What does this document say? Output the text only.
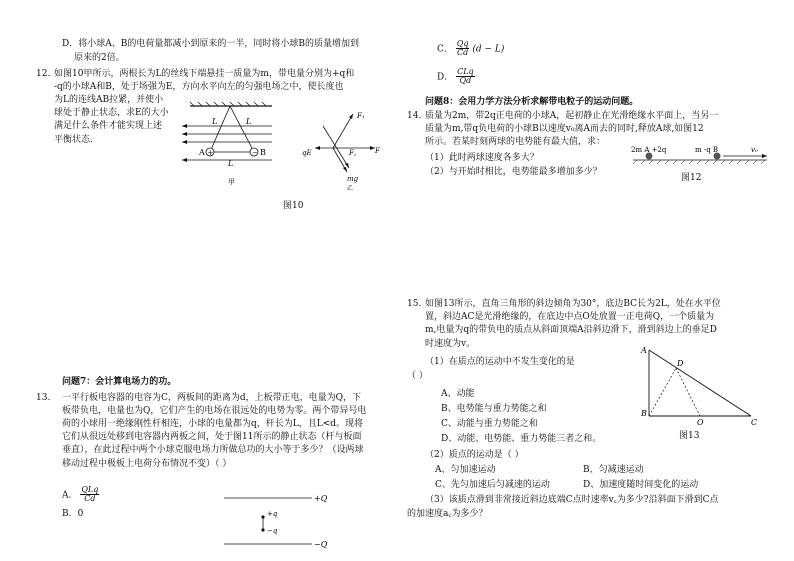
D．将小球A、B的电荷量都减小到原来的一半，同时将小球B的质量增加到
原来的2倍。
12. 如图10甲所示，两根长为L的丝线下端悬挂一质量为m，带电量分别为+q和
-q的小球A和B，处于场强为E，方向水平向左的匀强电场之中，使长度也
为L的连线AB拉紧，并使小
球处于静止状态，求E的大小
满足什么条件才能实现上述
平衡状态．
+	−
L	L
L
A	B
甲
qE
F₁
F꜀	F
mg
乙
图10
问题7：会计算电场力的功。
13. 一平行板电容器的电容为C，两板间的距离为d，上板带正电，电量为Q，下
板带负电，电量也为Q，它们产生的电场在很远处的电势为零。两个带异号电
荷的小球用一绝缘刚性杆相连，小球的电量都为q，杆长为L，且L<d。现将
它们从很远处移到电容器内两板之间，处于图11所示的静止状态（杆与板面
垂直），在此过程中两个小球克服电场力所做总功的大小等于多少？（设两球
移动过程中极板上电荷分布情况不变）（ ）
A． $\frac{\text{QLq}}{Cd}$
B．0
+Q
−Q
+q
−q
C． $\frac{Qq}{Cd} (d - L)$
D． $\frac{\text{CLq}}{Qd}$
问题8：会用力学方法分析求解带电粒子的运动问题。
14. 质量为2m，带2q正电荷的小球A，起初静止在光滑绝缘水平面上，当另一
质量为m,带q负电荷的小球B以速度v₀离A而去的同时,释放A球,如图12
所示。若某时刻两球的电势能有最大值，求：
（1）此时两球速度各多大？
（2）与开始时相比，电势能最多增加多少？
2m A +2q	m -q B	v₀
图12
15. 如图13所示，直角三角形的斜边倾角为30°，底边BC长为2L，处在水平位
置，斜边AC是光滑绝缘的，在底边中点O处放置一正电荷Q，一个质量为
m,电量为q的带负电的质点从斜面顶端A沿斜边滑下，滑到斜边上的垂足D
时速度为v。
（1）在质点的运动中不发生变化的是
（ ）
A、动能
B、电势能与重力势能之和
C、动能与重力势能之和
D、动能、电势能、重力势能三者之和。
（2）质点的运动是（ ）
A、匀加速运动	B、匀减速运动
C、先匀加速后匀减速的运动	D、加速度随时间变化的运动
（3）该质点滑到非常接近斜边底端C点时速率v꜀为多少?沿斜面下滑到C点
的加速度a꜀为多少？
A
B
C
D
O
图13
